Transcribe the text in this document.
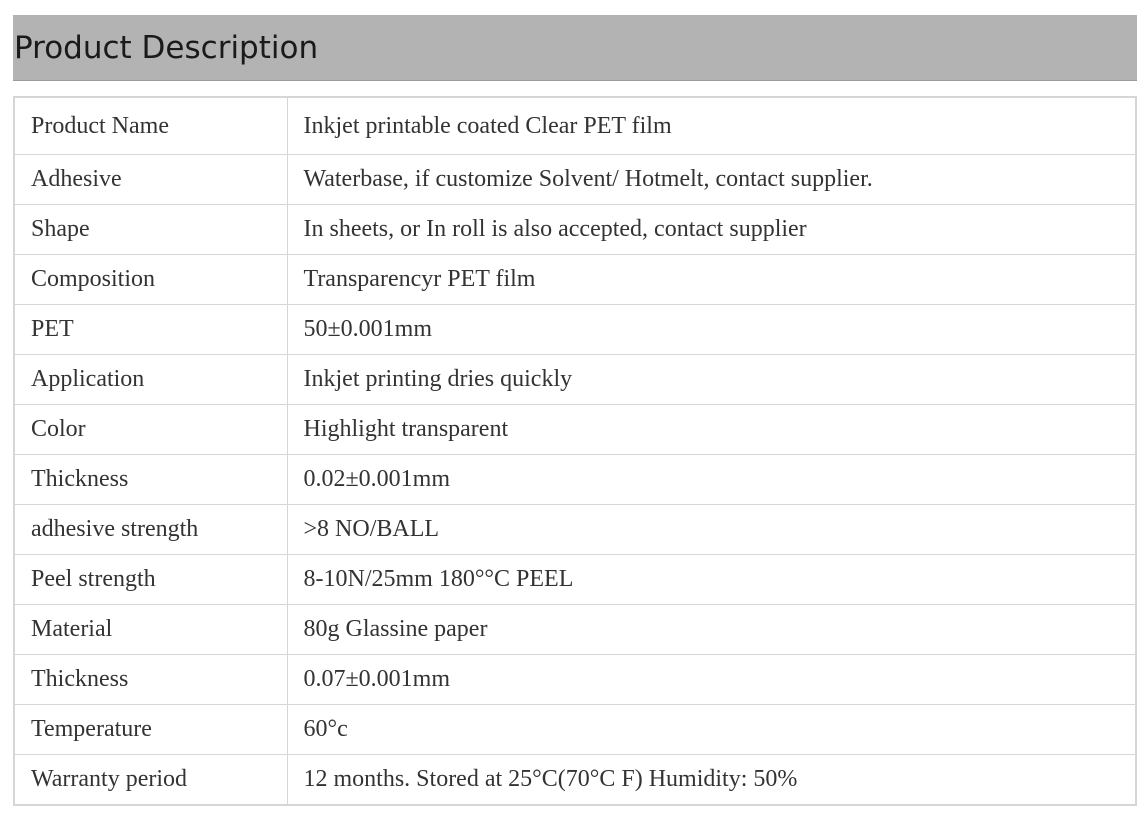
Product Description
Product Name	Inkjet printable coated Clear PET film
Adhesive	Waterbase, if customize Solvent/ Hotmelt, contact supplier.
Shape	In sheets, or In roll is also accepted, contact supplier
Composition	Transparencyr PET film
PET	50±0.001mm
Application	Inkjet printing dries quickly
Color	Highlight transparent
Thickness	0.02±0.001mm
adhesive strength	>8 NO/BALL
Peel strength	8-10N/25mm 180°°C PEEL
Material	80g Glassine paper
Thickness	0.07±0.001mm
Temperature	60°c
Warranty period	12 months. Stored at 25°C(70°C F) Humidity: 50%
